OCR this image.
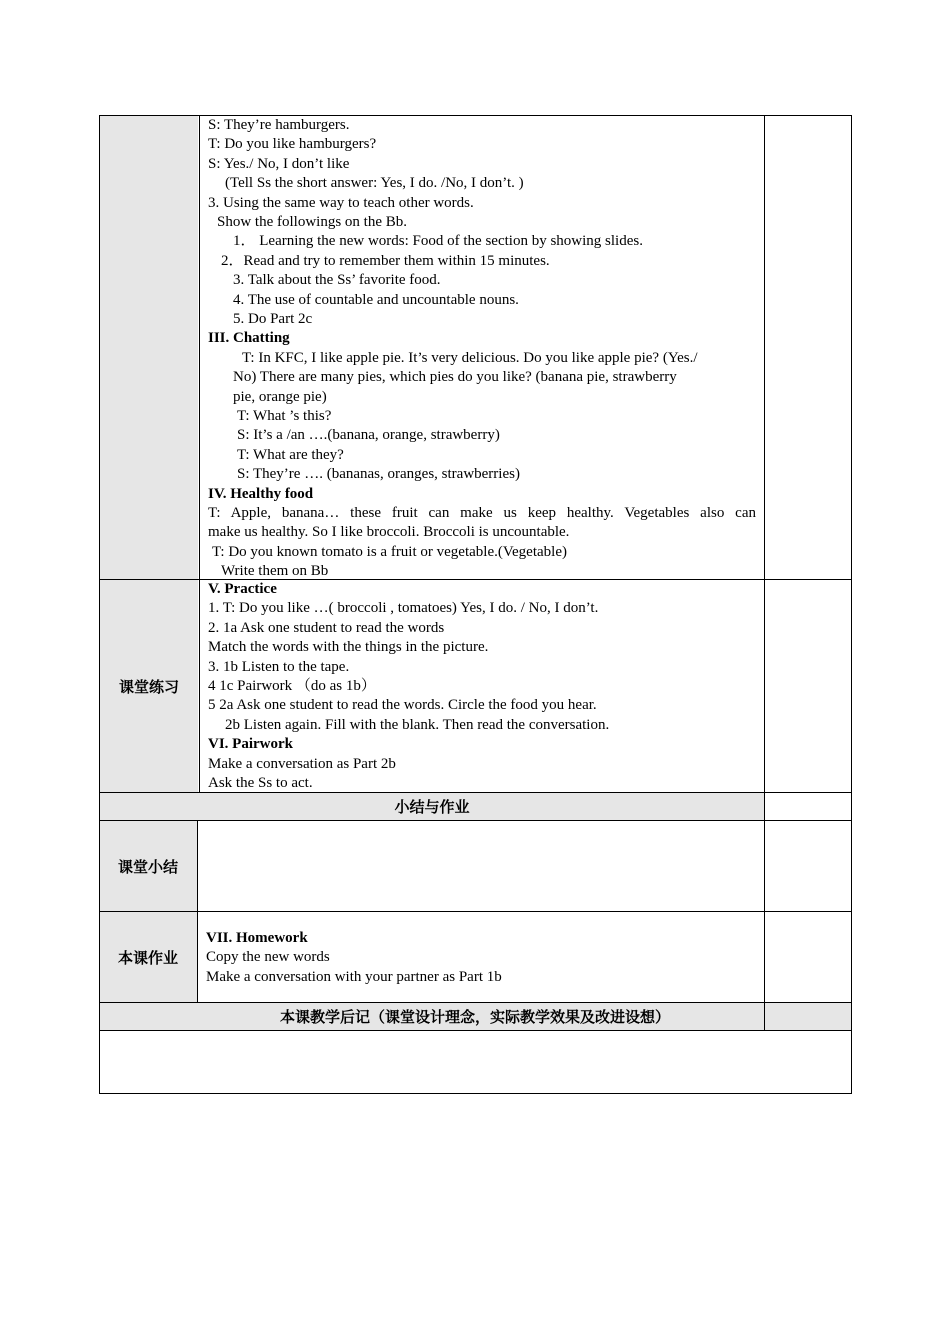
S: They’re hamburgers.
T: Do you like hamburgers?
S: Yes./ No, I don’t like
(Tell Ss the short answer: Yes, I do. /No, I don’t. )
3. Using the same way to teach other words.
Show the followings on the Bb.
1． Learning the new words: Food of the section by showing slides.
2．Read and try to remember them within 15 minutes.
3. Talk about the Ss’ favorite food.
4. The use of countable and uncountable nouns.
5. Do Part 2c
III. Chatting
T: In KFC, I like apple pie. It’s very delicious. Do you like apple pie? (Yes./
No) There are many pies, which pies do you like? (banana pie, strawberry
pie, orange pie)
T: What ’s this?
S: It’s a /an ….(banana, orange, strawberry)
T: What are they?
S: They’re …. (bananas, oranges, strawberries)
IV. Healthy food
T: Apple, banana… these fruit can make us keep healthy. Vegetables also can
make us healthy. So I like broccoli. Broccoli is uncountable.
T: Do you known tomato is a fruit or vegetable.(Vegetable)
Write them on Bb
课堂练习
V. Practice
1. T: Do you like …( broccoli , tomatoes) Yes, I do. / No, I don’t.
2. 1a Ask one student to read the words
Match the words with the things in the picture.
3. 1b Listen to the tape.
4 1c Pairwork （do as 1b）
5 2a Ask one student to read the words. Circle the food you hear.
2b Listen again. Fill with the blank. Then read the conversation.
VI. Pairwork
Make a conversation as Part 2b
Ask the Ss to act.
小结与作业
课堂小结
本课作业
VII. Homework
Copy the new words
Make a conversation with your partner as Part 1b
本课教学后记（课堂设计理念，实际教学效果及改进设想）
